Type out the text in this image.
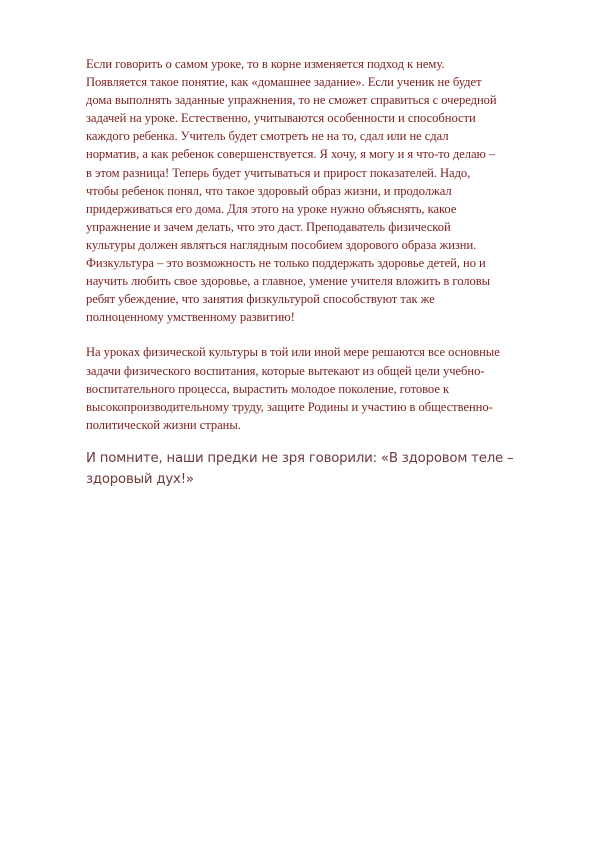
Если говорить о самом уроке, то в корне изменяется подход к нему.
Появляется такое понятие, как «домашнее задание». Если ученик не будет
дома выполнять заданные упражнения, то не сможет справиться с очередной
задачей на уроке. Естественно, учитываются особенности и способности
каждого ребенка. Учитель будет смотреть не на то, сдал или не сдал
норматив, а как ребенок совершенствуется. Я хочу, я могу и я что-то делаю –
в этом разница! Теперь будет учитываться и прирост показателей. Надо,
чтобы ребенок понял, что такое здоровый образ жизни, и продолжал
придерживаться его дома. Для этого на уроке нужно объяснять, какое
упражнение и зачем делать, что это даст. Преподаватель физической
культуры должен являться наглядным пособием здорового образа жизни.
Физкультура – это возможность не только поддержать здоровье детей, но и
научить любить свое здоровье, а главное, умение учителя вложить в головы
ребят убеждение, что занятия физкультурой способствуют так же
полноценному умственному развитию!

На уроках физической культуры в той или иной мере решаются все основные
задачи физического воспитания, которые вытекают из общей цели учебно-
воспитательного процесса, вырастить молодое поколение, готовое к
высокопроизводительному труду, защите Родины и участию в общественно-
политической жизни страны.

И помните, наши предки не зря говорили: «В здоровом теле –
здоровый дух!»
